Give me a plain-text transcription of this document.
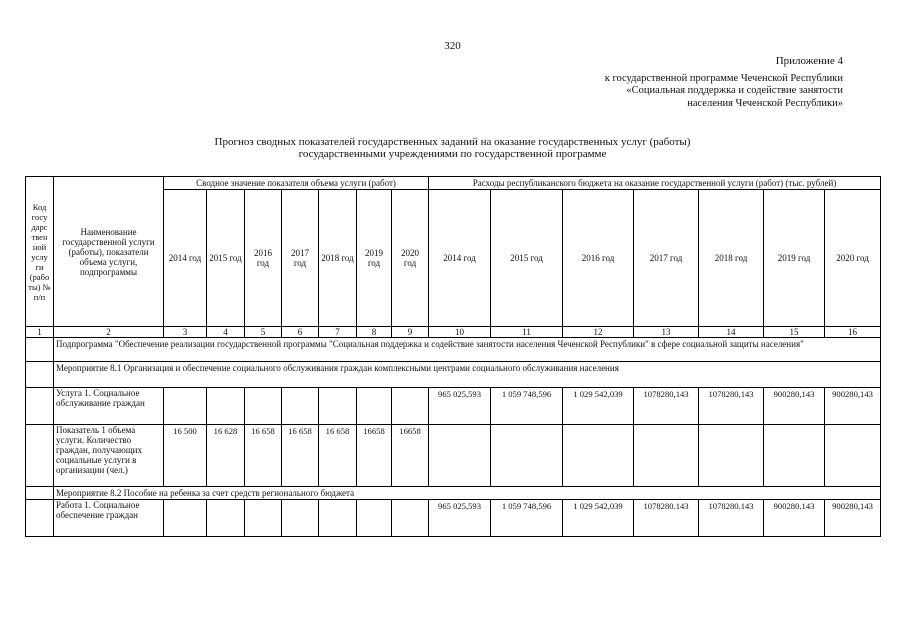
320
Приложение 4
к государственной программе Чеченской Республики
«Социальная поддержка и содействие занятости
населения Чеченской Республики»
Прогноз сводных показателей государственных заданий на оказание государственных услуг (работы)
государственными учреждениями по государственной программе
Код госу дарс твен ной услу ги (рабо ты) № п/п	Наименование государственной услуги (работы), показатели объема услуги, подпрограммы	Сводное значение показателя объема услуги (работ)							Расходы республиканского бюджета на оказание государственной услуги (работ) (тыс. рублей)						
		2014 год	2015 год	2016 год	2017 год	2018 год	2019 год	2020 год	2014 год	2015 год	2016 год	2017 год	2018 год	2019 год	2020 год
1	2	3	4	5	6	7	8	9	10	11	12	13	14	15	16
	Подпрограмма "Обеспечение реализации государственной программы "Социальная поддержка и содействие занятости населения Чеченской Республики" в сфере социальной защиты населения"														
	Мероприятие 8.1 Организация и обеспечение социального обслуживания граждан комплексными центрами социального обслуживания населения														
	Услуга 1. Социальное обслуживание граждан								965 025,593	1 059 748,596	1 029 542,039	1078280,143	1078280,143	900280,143	900280,143
	Показатель 1 объема услуги. Количество граждан, получающих социальные услуги в организации (чел.)	16 500	16 628	16 658	16 658	16 658	16658	16658							
	Мероприятие 8.2 Пособие на ребенка за счет средств регионального бюджета														
	Работа 1. Социальное обеспечение граждан								965 025,593	1 059 748,596	1 029 542,039	1078280.143	1078280.143	900280.143	900280,143
